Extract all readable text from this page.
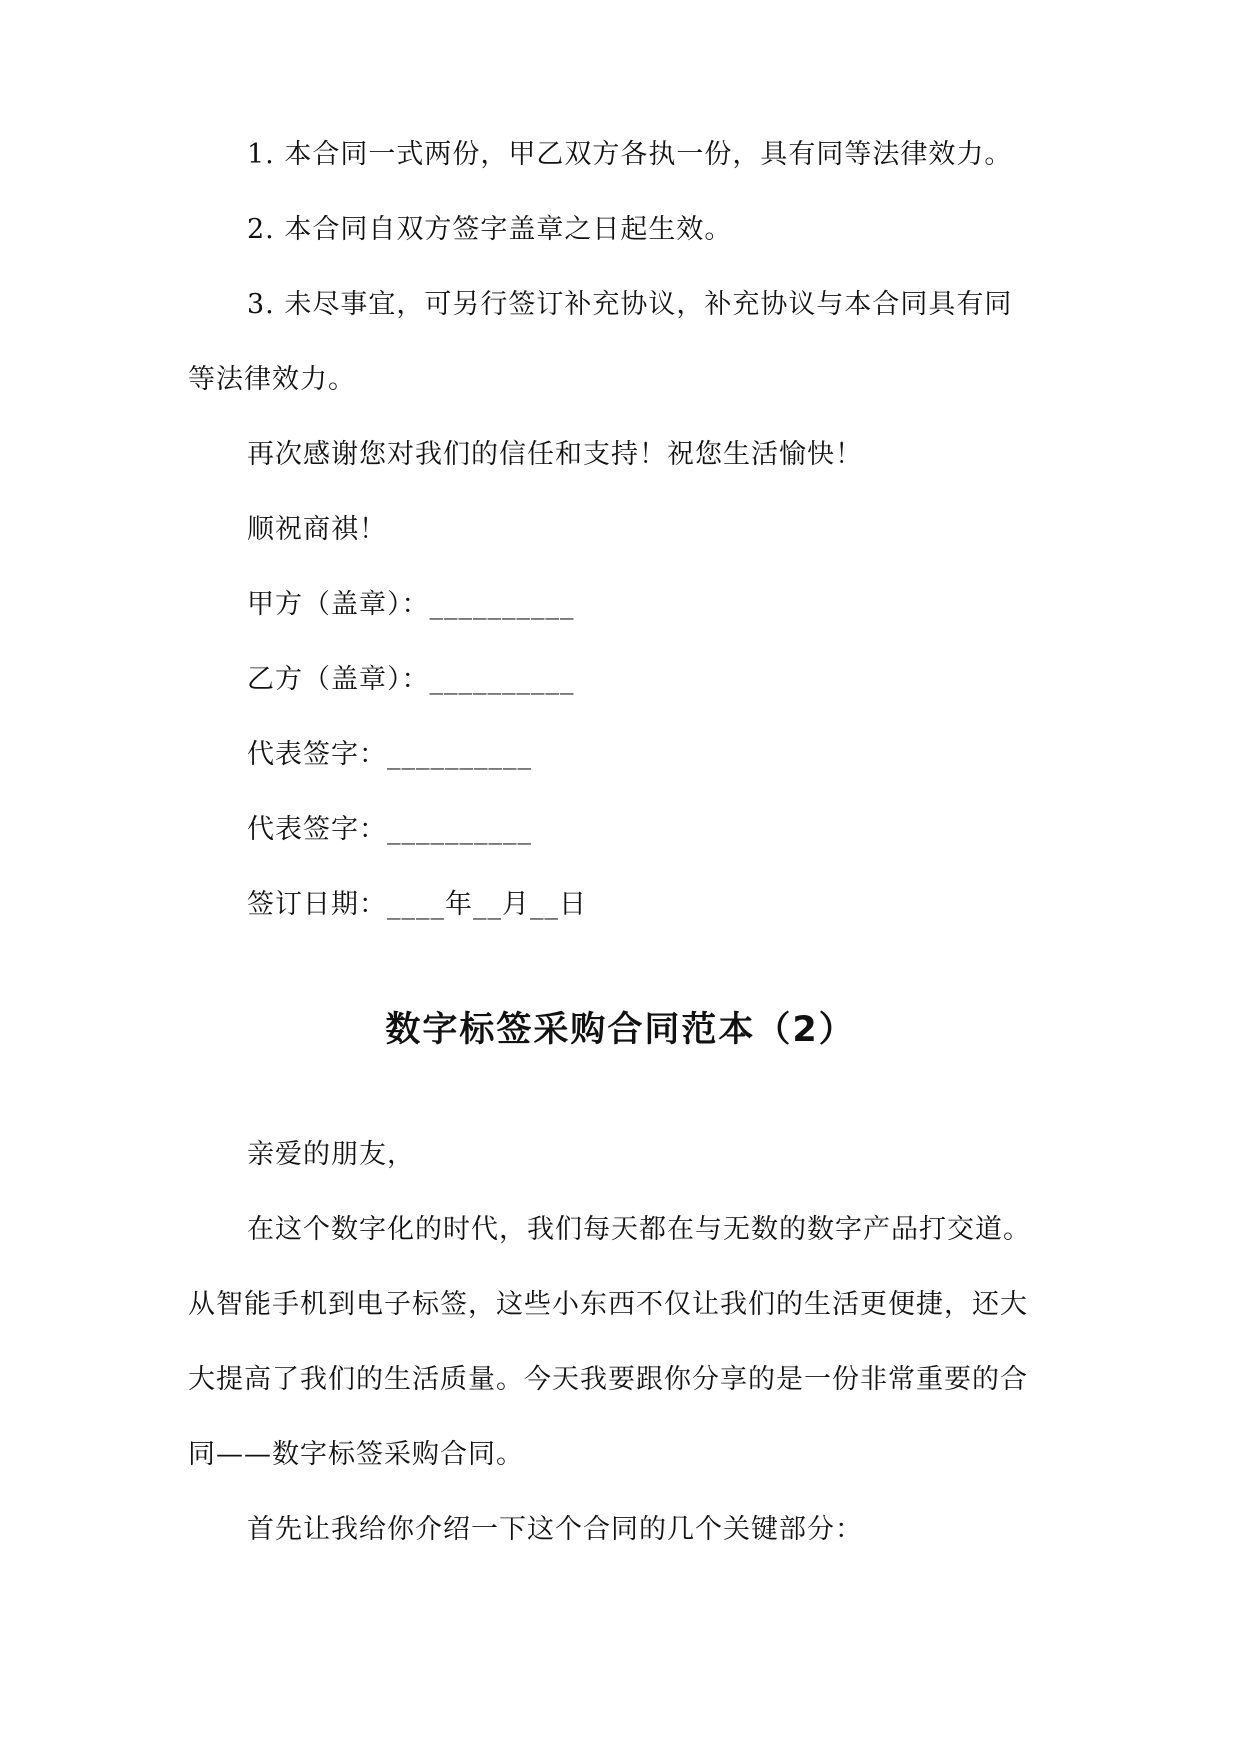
1. 本合同一式两份，甲乙双方各执一份，具有同等法律效力。
2. 本合同自双方签字盖章之日起生效。
3. 未尽事宜，可另行签订补充协议，补充协议与本合同具有同
等法律效力。
再次感谢您对我们的信任和支持！祝您生活愉快！
顺祝商祺！
甲方（盖章）：__________
乙方（盖章）：__________
代表签字：__________
代表签字：__________
签订日期：____年__月__日
数字标签采购合同范本（2）
亲爱的朋友，
在这个数字化的时代，我们每天都在与无数的数字产品打交道。
从智能手机到电子标签，这些小东西不仅让我们的生活更便捷，还大
大提高了我们的生活质量。今天我要跟你分享的是一份非常重要的合
同——数字标签采购合同。
首先让我给你介绍一下这个合同的几个关键部分：
